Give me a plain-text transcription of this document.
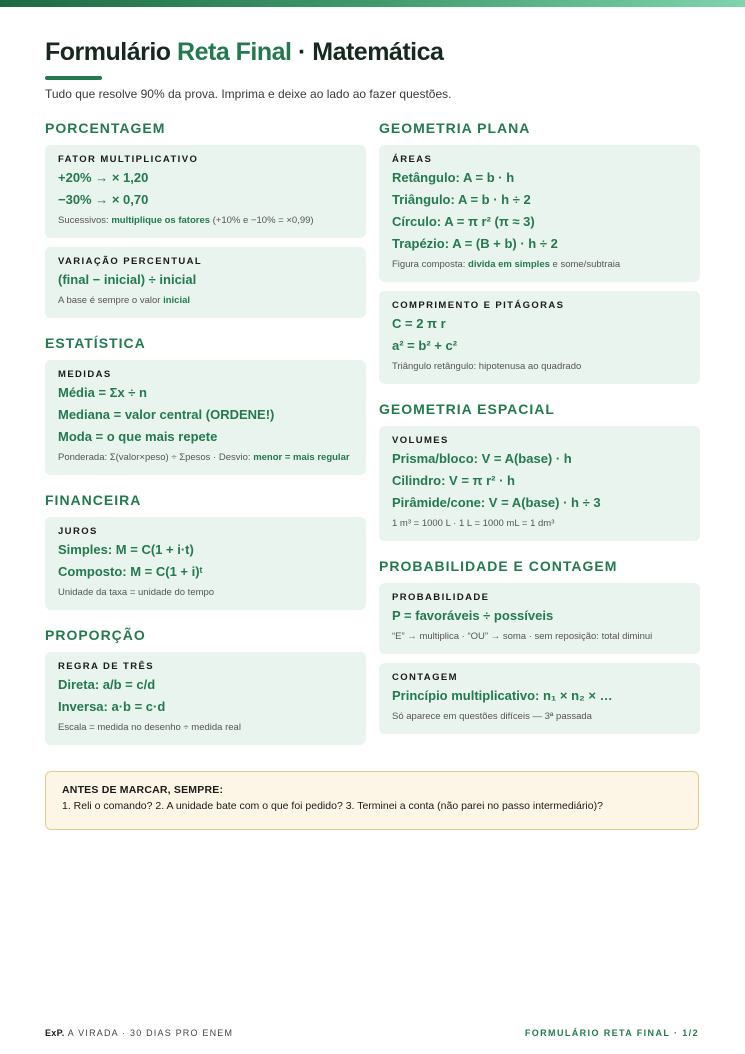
Formulário Reta Final · Matemática

Tudo que resolve 90% da prova. Imprima e deixe ao lado ao fazer questões.

PORCENTAGEM
FATOR MULTIPLICATIVO
+20% → × 1,20
−30% → × 0,70
Sucessivos: multiplique os fatores (+10% e −10% = ×0,99)
VARIAÇÃO PERCENTUAL
(final − inicial) ÷ inicial
A base é sempre o valor inicial
ESTATÍSTICA
MEDIDAS
Média = Σx ÷ n
Mediana = valor central (ORDENE!)
Moda = o que mais repete
Ponderada: Σ(valor×peso) ÷ Σpesos · Desvio: menor = mais regular
FINANCEIRA
JUROS
Simples: M = C(1 + i·t)
Composto: M = C(1 + i)ᵗ
Unidade da taxa = unidade do tempo
PROPORÇÃO
REGRA DE TRÊS
Direta: a/b = c/d
Inversa: a·b = c·d
Escala = medida no desenho ÷ medida real
GEOMETRIA PLANA
ÁREAS
Retângulo: A = b · h
Triângulo: A = b · h ÷ 2
Círculo: A = π r² (π ≈ 3)
Trapézio: A = (B + b) · h ÷ 2
Figura composta: divida em simples e some/subtraia
COMPRIMENTO E PITÁGORAS
C = 2 π r
a² = b² + c²
Triângulo retângulo: hipotenusa ao quadrado
GEOMETRIA ESPACIAL
VOLUMES
Prisma/bloco: V = A(base) · h
Cilindro: V = π r² · h
Pirâmide/cone: V = A(base) · h ÷ 3
1 m³ = 1000 L · 1 L = 1000 mL = 1 dm³
PROBABILIDADE E CONTAGEM
PROBABILIDADE
P = favoráveis ÷ possíveis
“E” → multiplica · “OU” → soma · sem reposição: total diminui
CONTAGEM
Princípio multiplicativo: n₁ × n₂ × …
Só aparece em questões difíceis — 3ª passada
ANTES DE MARCAR, SEMPRE:
1. Reli o comando? 2. A unidade bate com o que foi pedido? 3. Terminei a conta (não parei no passo intermediário)?
ExP. A VIRADA · 30 DIAS PRO ENEM	FORMULÁRIO RETA FINAL · 1/2
